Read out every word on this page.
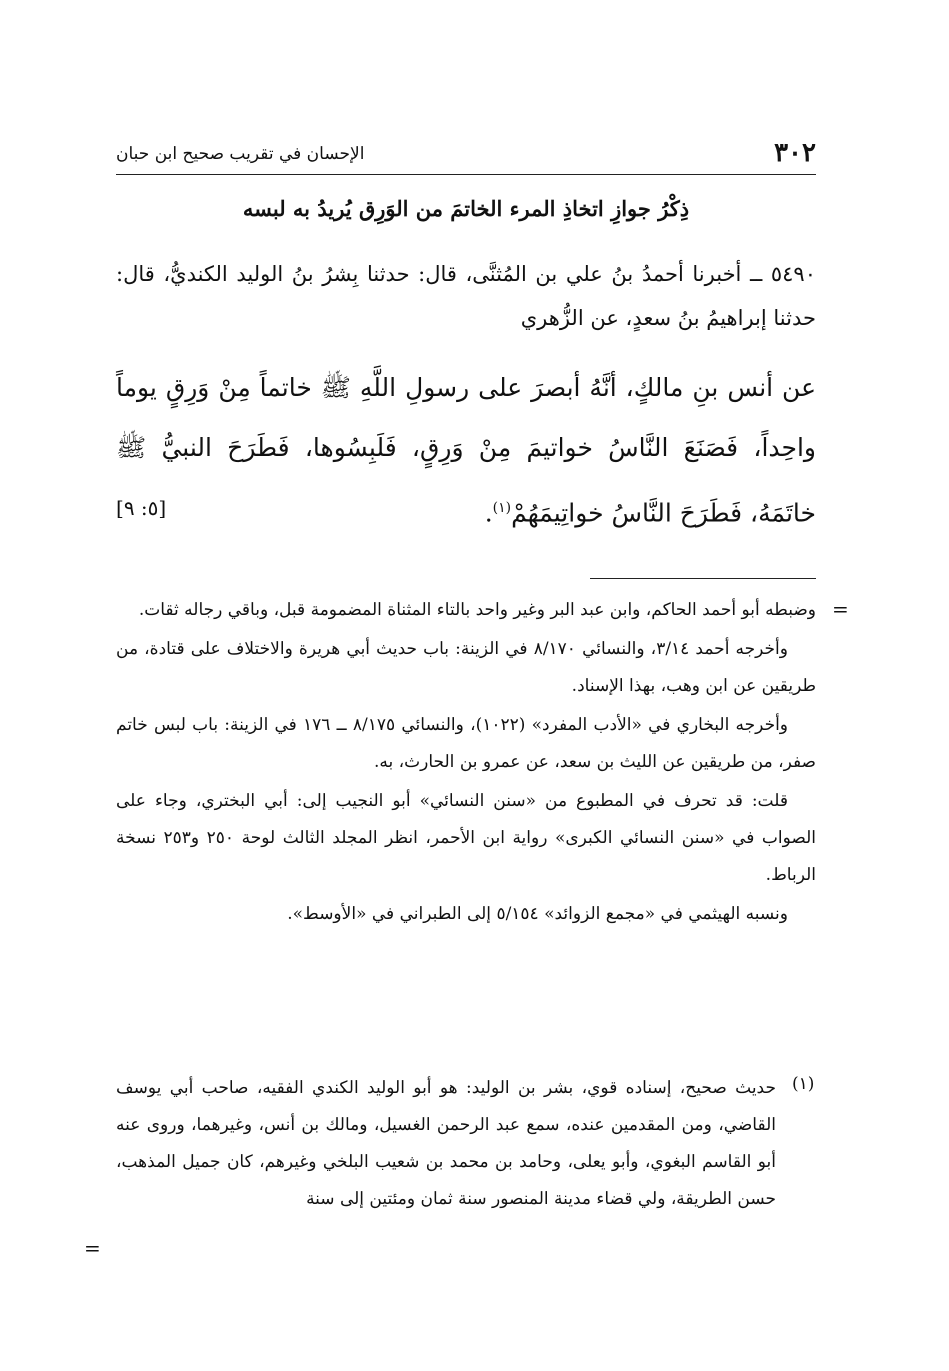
٣٠٢
الإحسان في تقريب صحيح ابن حبان
ذِكْرُ جوازِ اتخاذِ المرء الخاتمَ من الوَرِق يُريدُ به لبسه

٥٤٩٠ ــ أخبرنا أحمدُ بنُ علي بن المُثنَّى، قال: حدثنا بِشرُ بنُ الوليد الكنديُّ، قال: حدثنا إبراهيمُ بنُ سعدٍ، عن الزُّهري

عن أنس بنِ مالكٍ، أنَّهُ أبصرَ على رسولِ اللَّهِ ﷺ خاتماً مِنْ وَرِقٍ يوماً واحِداً، فَصَنَعَ النَّاسُ خواتيمَ مِنْ وَرِقٍ، فَلَبِسُوها، فَطَرَحَ النبيُّ ﷺ خاتَمَهُ، فَطَرَحَ النَّاسُ خواتِيمَهُمْ$^{(١)}$.

[٥: ٩]
=

وضبطه أبو أحمد الحاكم، وابن عبد البر وغير واحد بالتاء المثناة المضمومة قبل، وباقي رجاله ثقات.

وأخرجه أحمد ٣/١٤، والنسائي ٨/١٧٠ في الزينة: باب حديث أبي هريرة والاختلاف على قتادة، من طريقين عن ابن وهب، بهذا الإسناد.

وأخرجه البخاري في «الأدب المفرد» (١٠٢٢)، والنسائي ٨/١٧٥ ــ ١٧٦ في الزينة: باب لبس خاتم صفر، من طريقين عن الليث بن سعد، عن عمرو بن الحارث، به.

قلت: قد تحرف في المطبوع من «سنن النسائي» أبو النجيب إلى: أبي البختري، وجاء على الصواب في «سنن النسائي الكبرى» رواية ابن الأحمر، انظر المجلد الثالث لوحة ٢٥٠ و٢٥٣ نسخة الرباط.

ونسبه الهيثمي في «مجمع الزوائد» ٥/١٥٤ إلى الطبراني في «الأوسط».

(١)

حديث صحيح، إسناده قوي، بشر بن الوليد: هو أبو الوليد الكندي الفقيه، صاحب أبي يوسف القاضي، ومن المقدمين عنده، سمع عبد الرحمن الغسيل، ومالك بن أنس، وغيرهما، وروى عنه أبو القاسم البغوي، وأبو يعلى، وحامد بن محمد بن شعيب البلخي وغيرهم، كان جميل المذهب، حسن الطريقة، ولي قضاء مدينة المنصور سنة ثمان ومئتين إلى سنة

=
